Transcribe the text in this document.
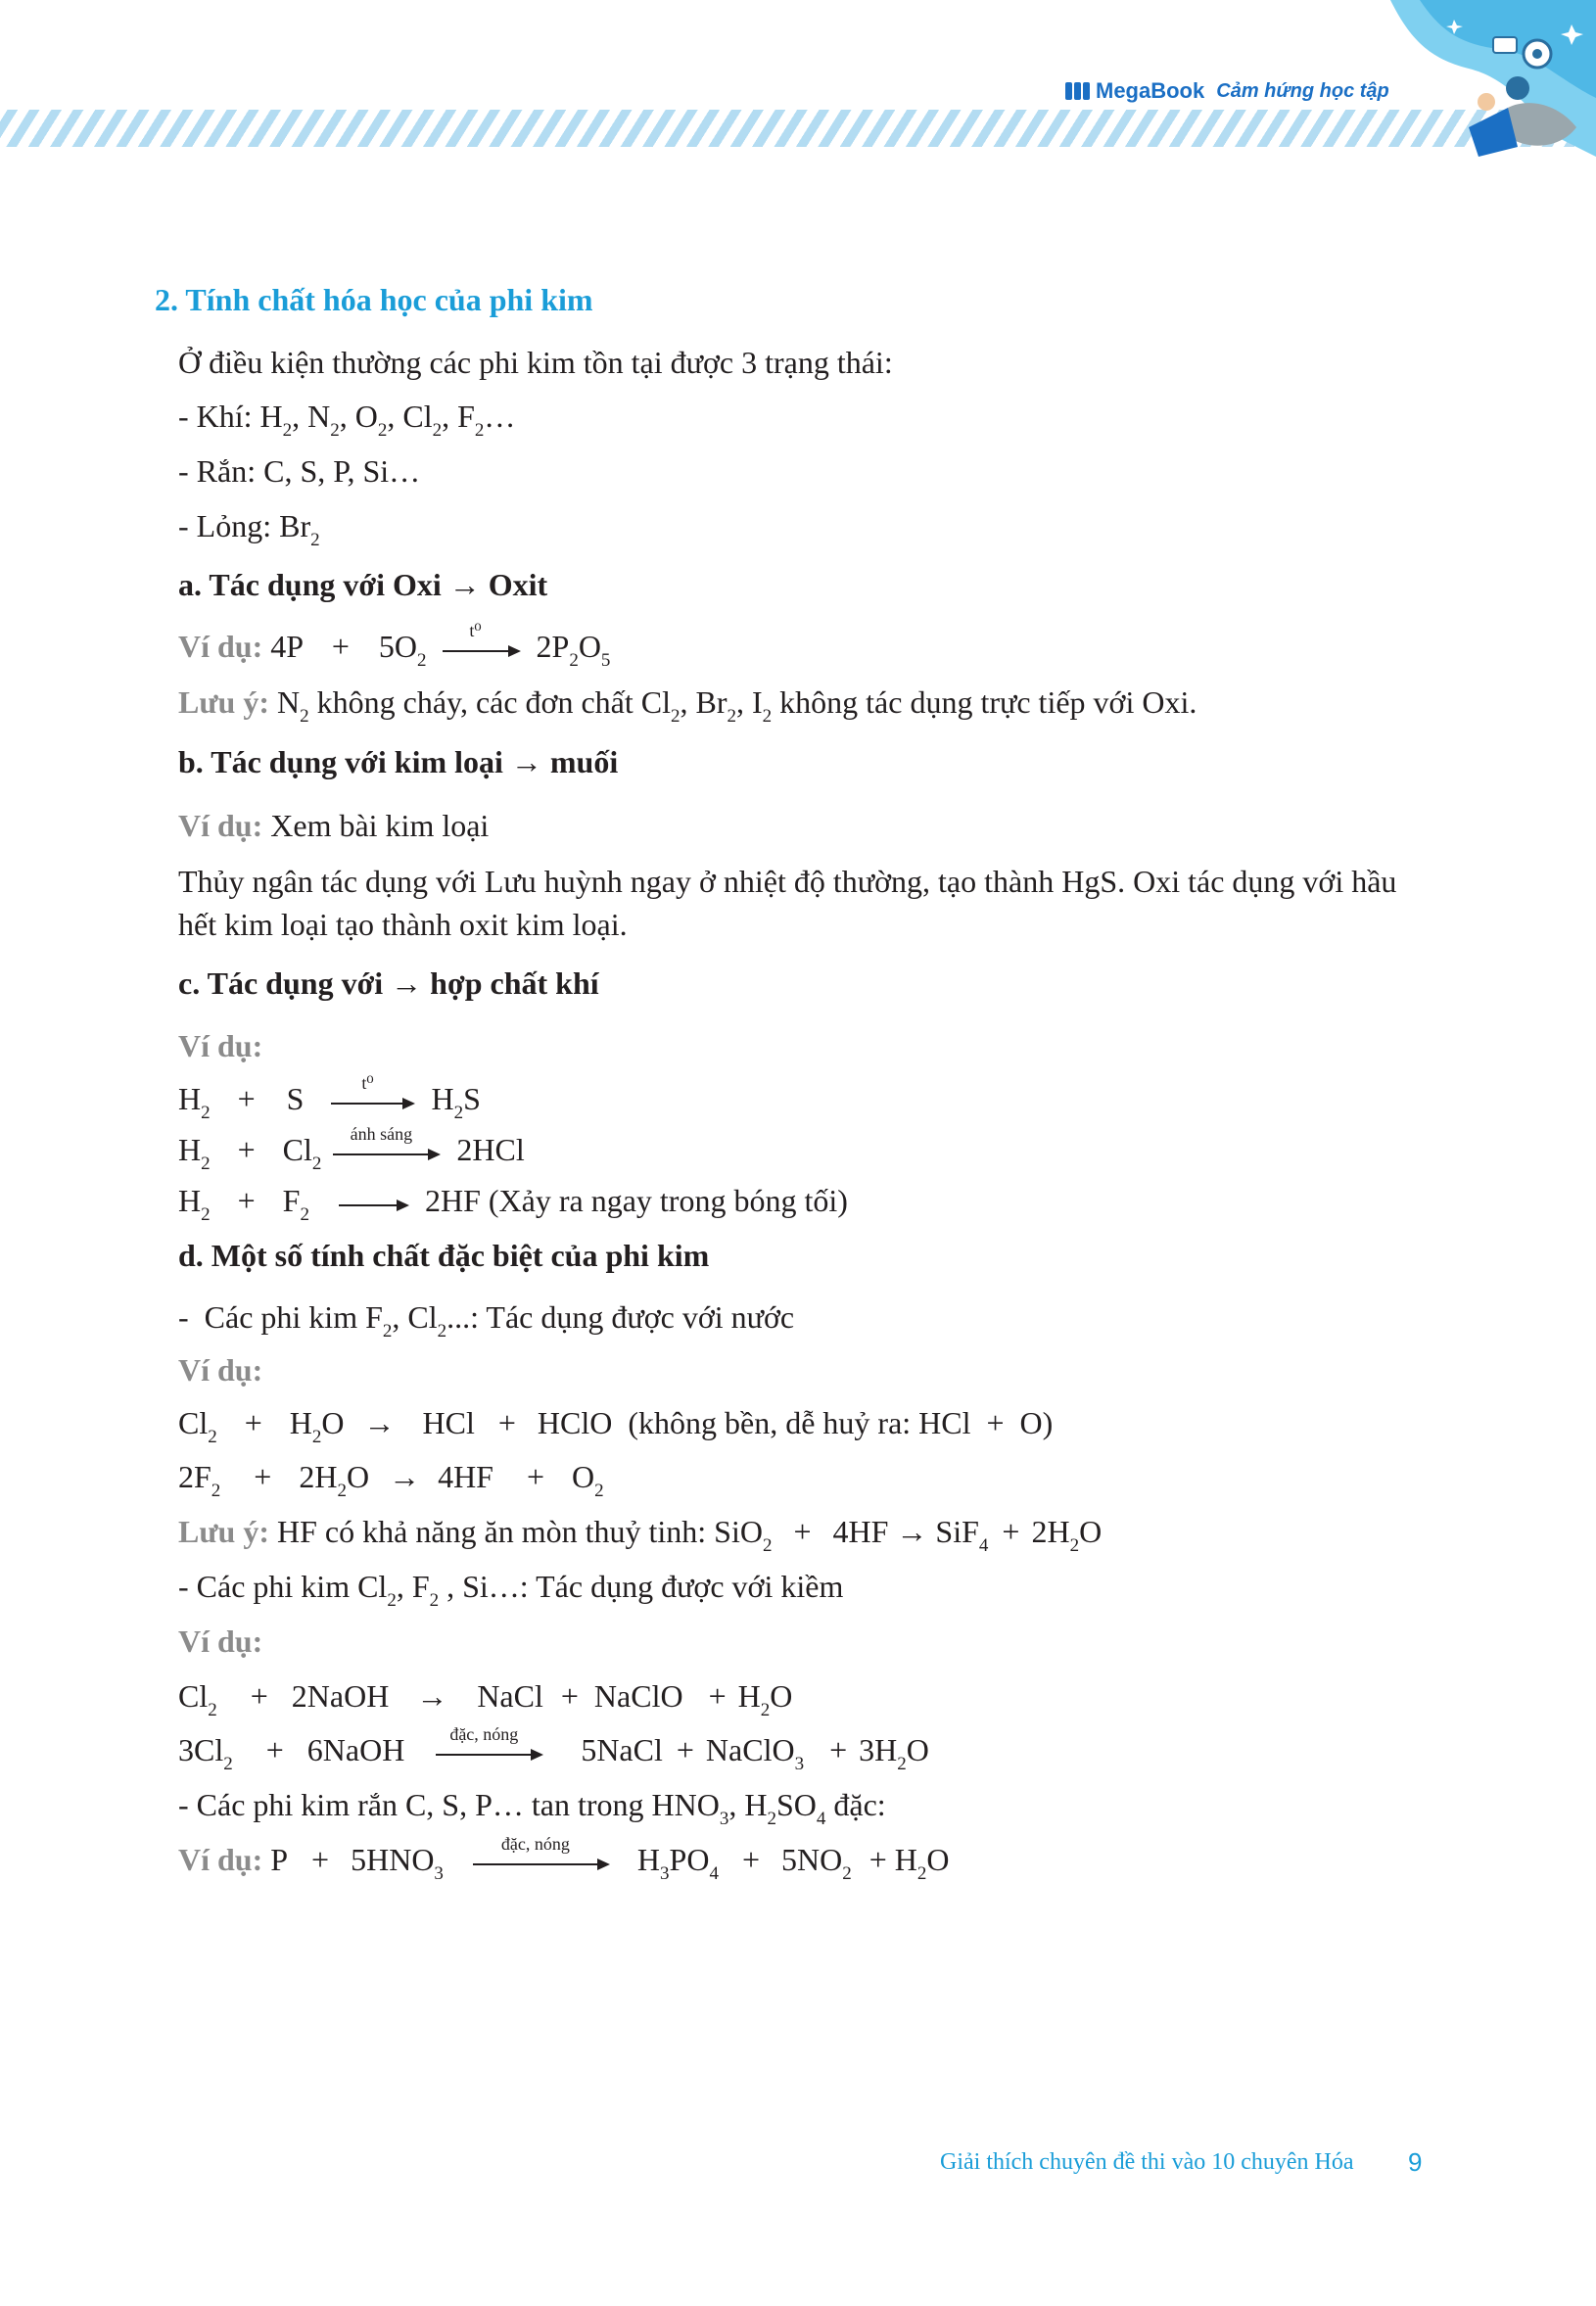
MegaBook Cảm hứng học tập
2. Tính chất hóa học của phi kim
Ở điều kiện thường các phi kim tồn tại được 3 trạng thái:
- Khí: $H_2$, $N_2$, $O_2$, $Cl_2$, $F_2\dots$
- Rắn: C, S, P, Si…
- Lỏng: $Br_2$
a. Tác dụng với Oxi → Oxit
Ví dụ: $4P + 5O_2$
t⁰	$2P_2O_5$
Lưu ý: $N_2$ không cháy, các đơn chất $Cl_2$, $Br_2$, $I_2$ không tác dụng trực tiếp với Oxi.
b. Tác dụng với kim loại → muối
Ví dụ: Xem bài kim loại
Thủy ngân tác dụng với Lưu huỳnh ngay ở nhiệt độ thường, tạo thành HgS. Oxi tác dụng với hầu
hết kim loại tạo thành oxit kim loại.
c. Tác dụng với → hợp chất khí
Ví dụ:
$H_2 + S$	t⁰	$H_2S$
$H_2 + Cl_2$
ánh sáng	2HCl
$H_2 + F_2$	2HF (Xảy ra ngay trong bóng tối)
d. Một số tính chất đặc biệt của phi kim
-  Các phi kim $F_2$, $Cl_2$...: Tác dụng được với nước
Ví dụ:
$Cl_2 + H_2O$ → HCl + HClO  (không bền, dễ huỷ ra: HCl  +  O)
$2F_2 + 2H_2O \to 4HF + O_2$
Lưu ý: HF có khả năng ăn mòn thuỷ tinh: $SiO_2 + 4HF \to SiF_4 + 2H_2O$
- Các phi kim $Cl_2$, $F_2$ , Si…: Tác dụng được với kiềm
Ví dụ:
$Cl_2$ + 2NaOH → NaCl + NaClO + $H_2O$
$3Cl_2$ + 6NaOH	đặc, nóng	5NaCl + NaClO$_3$ + $3H_2O$
- Các phi kim rắn C, S, P… tan trong $HNO_3$, $H_2SO_4$ đặc:
Ví dụ: $P + 5HNO_3$
đặc, nóng	$H_3PO_4 + 5NO_2 + H_2O$
Giải thích chuyên đề thi vào 10 chuyên Hóa 9
